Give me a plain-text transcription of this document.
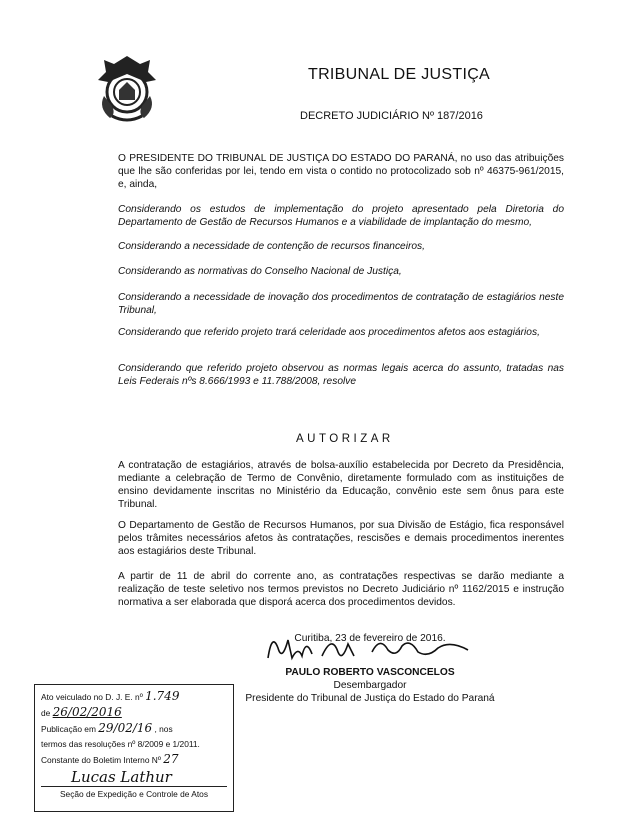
TRIBUNAL DE JUSTIÇA
DECRETO JUDICIÁRIO Nº 187/2016
O PRESIDENTE DO TRIBUNAL DE JUSTIÇA DO ESTADO DO PARANÁ, no uso das atribuições que lhe são conferidas por lei, tendo em vista o contido no protocolizado sob nº 46375-961/2015, e, ainda,
Considerando os estudos de implementação do projeto apresentado pela Diretoria do Departamento de Gestão de Recursos Humanos e a viabilidade de implantação do mesmo,
Considerando a necessidade de contenção de recursos financeiros,
Considerando as normativas do Conselho Nacional de Justiça,
Considerando a necessidade de inovação dos procedimentos de contratação de estagiários neste Tribunal,
Considerando que referido projeto trará celeridade aos procedimentos afetos aos estagiários,
Considerando que referido projeto observou as normas legais acerca do assunto, tratadas nas Leis Federais nºs 8.666/1993 e 11.788/2008, resolve
AUTORIZAR
A contratação de estagiários, através de bolsa-auxílio estabelecida por Decreto da Presidência, mediante a celebração de Termo de Convênio, diretamente formulado com as instituições de ensino devidamente inscritas no Ministério da Educação, convênio este sem ônus para este Tribunal.
O Departamento de Gestão de Recursos Humanos, por sua Divisão de Estágio, fica responsável pelos trâmites necessários afetos às contratações, rescisões e demais procedimentos inerentes aos estagiários deste Tribunal.
A partir de 11 de abril do corrente ano, as contratações respectivas se darão mediante a realização de teste seletivo nos termos previstos no Decreto Judiciário nº 1162/2015 e instrução normativa a ser elaborada que disporá acerca dos procedimentos devidos.
Curitiba, 23 de fevereiro de 2016.
PAULO ROBERTO VASCONCELOS
Desembargador
Presidente do Tribunal de Justiça do Estado do Paraná
Ato veiculado no D. J. E. nº 1.749
de 26/02/2016
Publicação em 29/02/16 , nos
termos das resoluções nº 8/2009 e 1/2011.
Constante do Boletim Interno Nº 27
Lucas Lathur
Seção de Expedição e Controle de Atos
